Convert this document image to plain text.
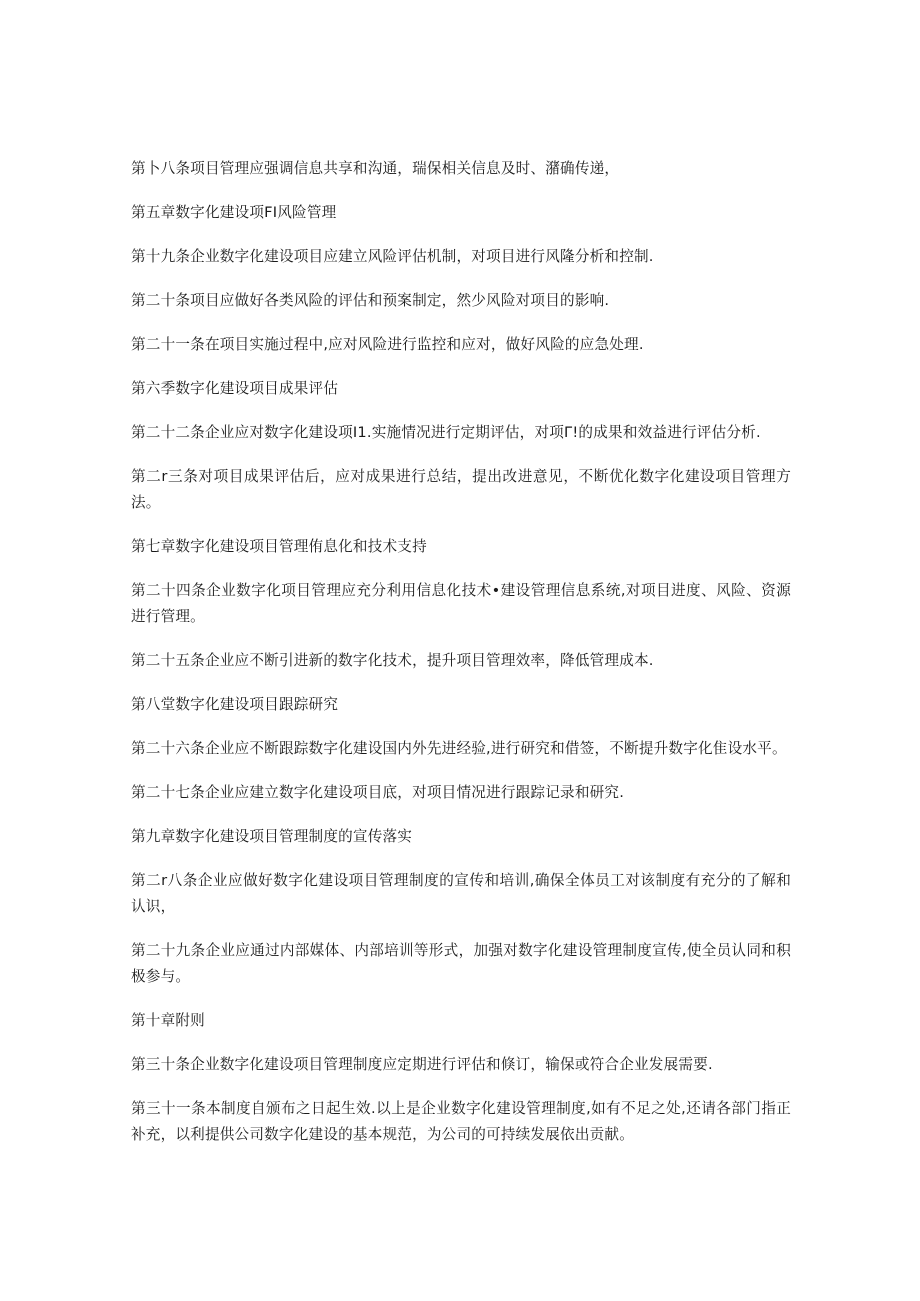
第卜八条项目管理应强调信息共享和沟通，瑞保相关信息及时、潴确传递，

第五章数字化建设项FI风险管理

第十九条企业数字化建设项目应建立风险评估机制，对项目进行风隆分析和控制.

第二十条项目应做好各类风险的评估和预案制定，然少风险对项目的影响.

第二十一条在项目实施过程中,应对风险进行监控和应对，做好风险的应急处理.

第六季数字化建设项目成果评估

第二十二条企业应对数字化建设项I1.实施情况进行定期评估，对项Γ!的成果和效益进行评估分析.

第二r三条对项目成果评估后，应对成果进行总结，提出改进意见，不断优化数字化建设项目管理方法。

第七章数字化建设项目管理侑息化和技术支持

第二十四条企业数字化项目管理应充分利用信息化技术•建设管理信息系统,对项目进度、风险、资源进行管理。

第二十五条企业应不断引进新的数字化技术，提升项目管理效率，降低管理成本.

第八堂数字化建设项目跟踪研究

第二十六条企业应不断跟踪数字化建设国内外先进经验,进行研究和借签，不断提升数字化隹设水平。

第二十七条企业应建立数字化建设项目底，对项目情况进行跟踪记录和研究.

第九章数字化建设项目管理制度的宣传落实

第二r八条企业应做好数字化建设项目管理制度的宣传和培训,确保全体员工对该制度有充分的了解和认识，

第二十九条企业应通过内部媒体、内部培训等形式，加强对数字化建设管理制度宣传,使全员认同和积极参与。

第十章附则

第三十条企业数字化建设项目管理制度应定期进行评估和倏订，输保或符合企业发展需要.

第三十一条本制度自颁布之日起生效.以上是企业数字化建设管理制度,如有不足之处,还请各部门指正补充，以利提供公司数字化建设的基本规范，为公司的可持续发展依出贡献。
